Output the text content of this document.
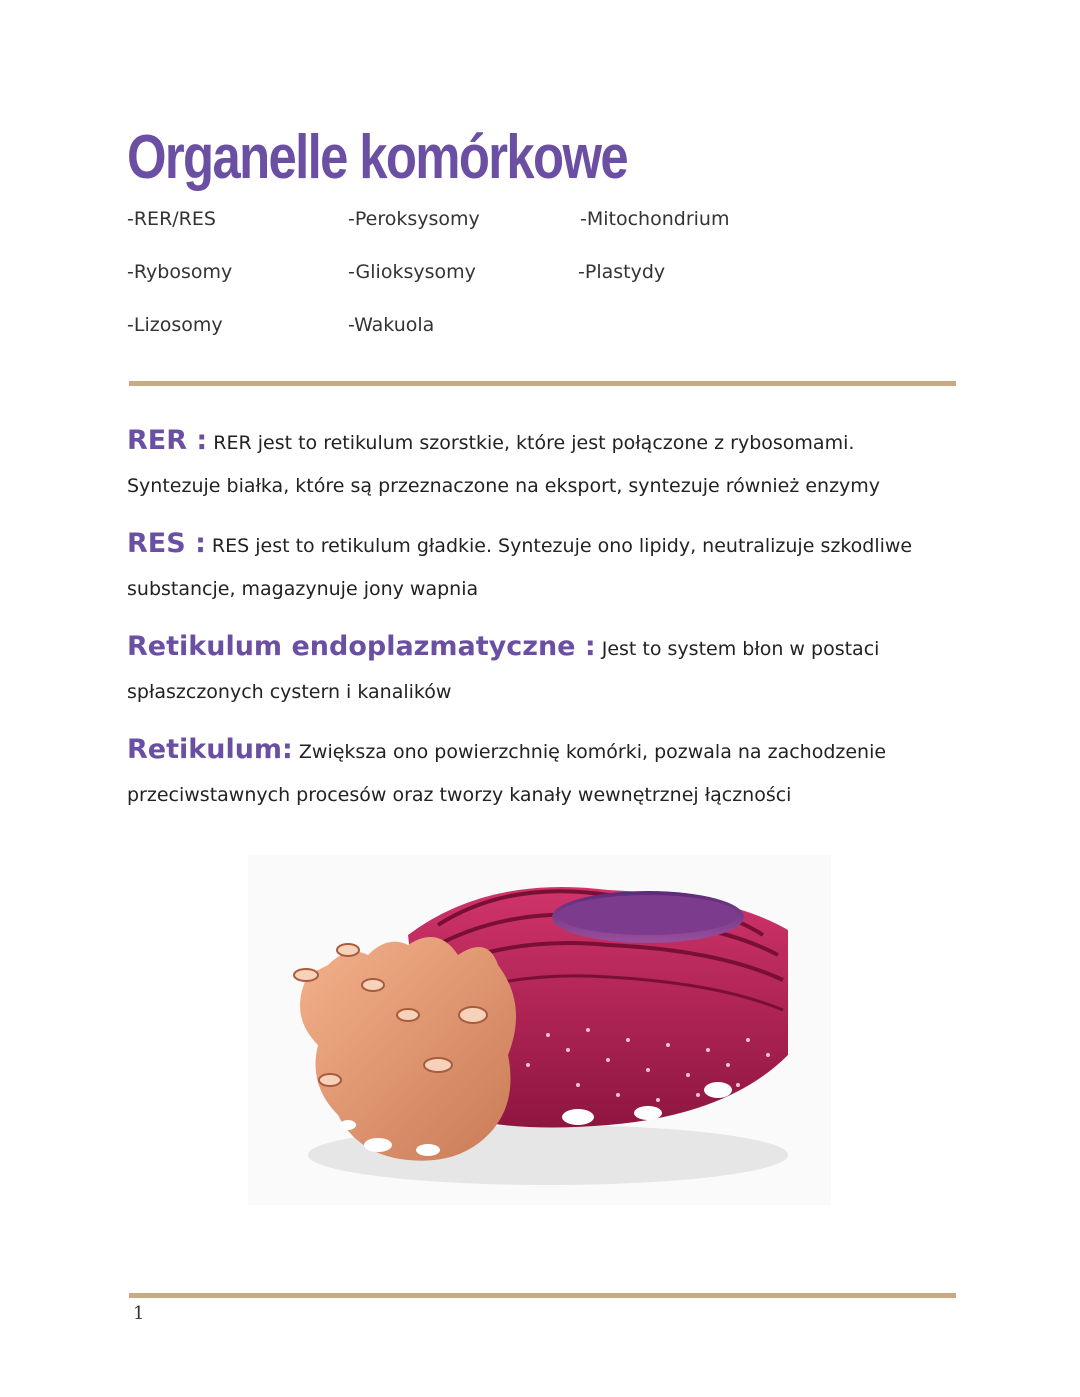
Organelle komórkowe
-RER/RES	-Peroksysomy	-Mitochondrium
-Rybosomy	-Glioksysomy	-Plastydy
-Lizosomy	-Wakuola

RER : RER jest to retikulum szorstkie, które jest połączone z rybosomami. Syntezuje białka, które są przeznaczone na eksport, syntezuje również enzymy

RES : RES jest to retikulum gładkie. Syntezuje ono lipidy, neutralizuje szkodliwe substancje, magazynuje jony wapnia

Retikulum endoplazmatyczne : Jest to system błon w postaci spłaszczonych cystern i kanalików

Retikulum: Zwiększa ono powierzchnię komórki, pozwala na zachodzenie przeciwstawnych procesów oraz tworzy kanały wewnętrznej łączności

1
